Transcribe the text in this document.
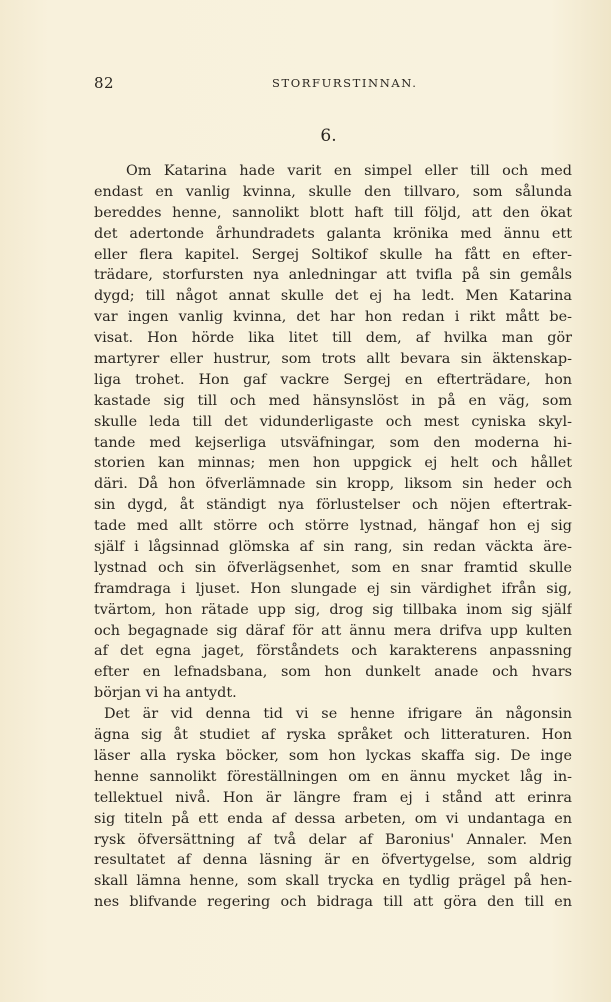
82	STORFURSTINNAN.
6.
Om Katarina hade varit en simpel eller till och med
endast en vanlig kvinna, skulle den tillvaro, som sålunda
bereddes henne, sannolikt blott haft till följd, att den ökat
det adertonde århundradets galanta krönika med ännu ett
eller flera kapitel. Sergej Soltikof skulle ha fått en efter-
trädare, storfursten nya anledningar att tvifla på sin gemåls
dygd; till något annat skulle det ej ha ledt. Men Katarina
var ingen vanlig kvinna, det har hon redan i rikt mått be-
visat. Hon hörde lika litet till dem, af hvilka man gör
martyrer eller hustrur, som trots allt bevara sin äktenskap-
liga trohet. Hon gaf vackre Sergej en efterträdare, hon
kastade sig till och med hänsynslöst in på en väg, som
skulle leda till det vidunderligaste och mest cyniska skyl-
tande med kejserliga utsväfningar, som den moderna hi-
storien kan minnas; men hon uppgick ej helt och hållet
däri. Då hon öfverlämnade sin kropp, liksom sin heder och
sin dygd, åt ständigt nya förlustelser och nöjen eftertrak-
tade med allt större och större lystnad, hängaf hon ej sig
själf i lågsinnad glömska af sin rang, sin redan väckta äre-
lystnad och sin öfverlägsenhet, som en snar framtid skulle
framdraga i ljuset. Hon slungade ej sin värdighet ifrån sig,
tvärtom, hon rätade upp sig, drog sig tillbaka inom sig själf
och begagnade sig däraf för att ännu mera drifva upp kulten
af det egna jaget, förståndets och karakterens anpassning
efter en lefnadsbana, som hon dunkelt anade och hvars
början vi ha antydt.
Det är vid denna tid vi se henne ifrigare än någonsin
ägna sig åt studiet af ryska språket och litteraturen. Hon
läser alla ryska böcker, som hon lyckas skaffa sig. De inge
henne sannolikt föreställningen om en ännu mycket låg in-
tellektuel nivå. Hon är längre fram ej i stånd att erinra
sig titeln på ett enda af dessa arbeten, om vi undantaga en
rysk öfversättning af två delar af Baronius' Annaler. Men
resultatet af denna läsning är en öfvertygelse, som aldrig
skall lämna henne, som skall trycka en tydlig prägel på hen-
nes blifvande regering och bidraga till att göra den till en
